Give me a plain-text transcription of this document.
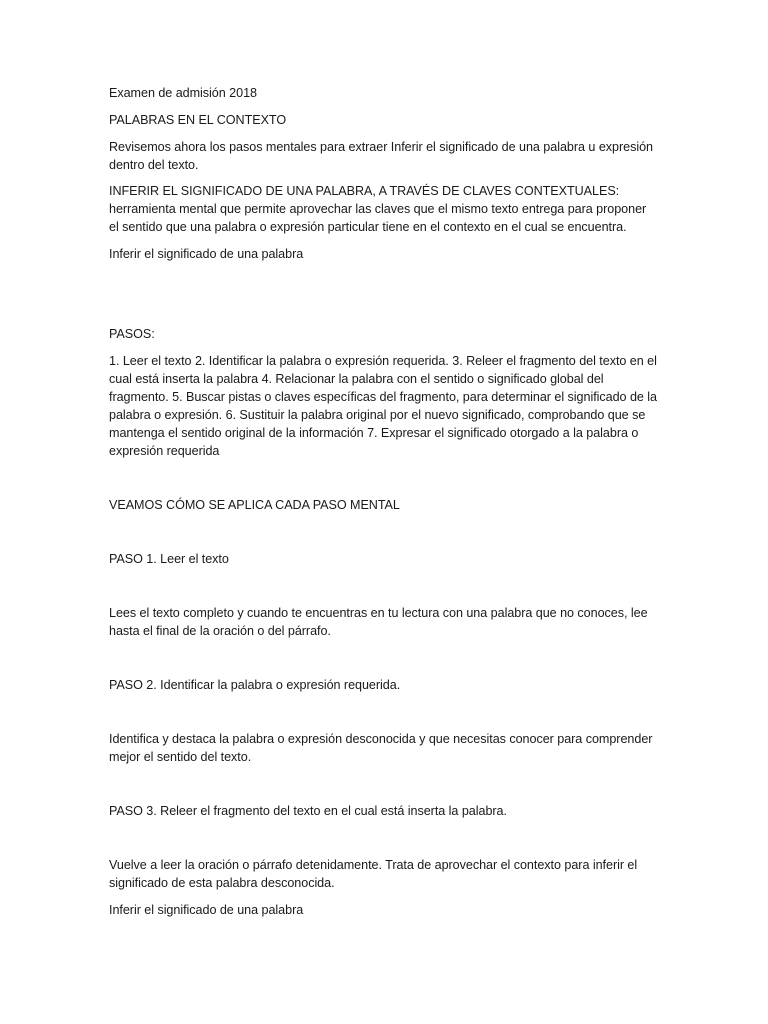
Examen de admisión 2018

PALABRAS EN EL CONTEXTO

Revisemos ahora los pasos mentales para extraer Inferir el significado de una palabra u expresión dentro del texto.

INFERIR EL SIGNIFICADO DE UNA PALABRA, A TRAVÉS DE CLAVES CONTEXTUALES: herramienta mental que permite aprovechar las claves que el mismo texto entrega para proponer el sentido que una palabra o expresión particular tiene en el contexto en el cual se encuentra.

Inferir el significado de una palabra

PASOS:

1. Leer el texto 2. Identificar la palabra o expresión requerida. 3. Releer el fragmento del texto en el cual está inserta la palabra 4. Relacionar la palabra con el sentido o significado global del fragmento. 5. Buscar pistas o claves específicas del fragmento, para determinar el significado de la palabra o expresión. 6. Sustituir la palabra original por el nuevo significado, comprobando que se mantenga el sentido original de la información 7. Expresar el significado otorgado a la palabra o expresión requerida

VEAMOS CÓMO SE APLICA CADA PASO MENTAL

PASO 1. Leer el texto

Lees el texto completo y cuando te encuentras en tu lectura con una palabra que no conoces, lee hasta el final de la oración o del párrafo.

PASO 2. Identificar la palabra o expresión requerida.

Identifica y destaca la palabra o expresión desconocida y que necesitas conocer para comprender mejor el sentido del texto.

PASO 3. Releer el fragmento del texto en el cual está inserta la palabra.

Vuelve a leer la oración o párrafo detenidamente. Trata de aprovechar el contexto para inferir el significado de esta palabra desconocida.

Inferir el significado de una palabra
